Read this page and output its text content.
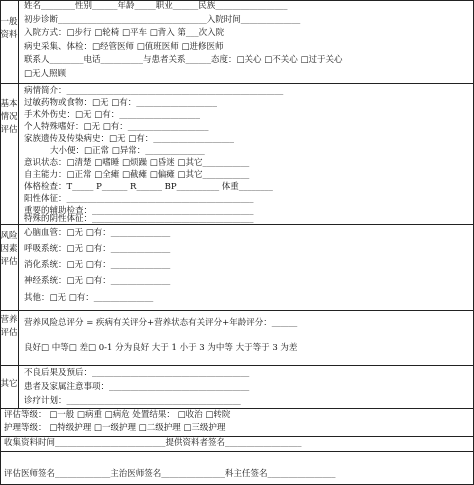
一般资料
基本情况评估
风险因素评估
营养评估
其它
姓名________性别______年龄_____职业______民族_________________
初步诊断___________________________________入院时间______________
入院方式：□步行 □轮椅 □平车 □背入 第___次入院
病史采集、体检：□经管医师 □值班医师 □进修医师
联系人________电话__________与患者关系______态度：□关心 □不关心 □过于关心
□无人照顾
病情简介：___________________________________________________
过敏药物或食物：□无 □有：___________________
手术外伤史：□无 □有：___________________
个人特殊嗜好：□无 □有：___________________
家族遗传及传染病史：□无 □有：___________________
大小便：□正常 □异常：______________
意识状态：□清楚 □嗜睡 □烦躁 □昏迷 □其它___________
自主能力：□正常 □全瘫 □截瘫 □偏瘫 □其它___________
体格检查：T_____ P______ R______ BP__________ 体重________
阳性体征：____________________________________________
重要的辅助检查：______________________________________
特殊的阴性体征：______________________________________
心脑血管：□无 □有：______________
呼吸系统：□无 □有：______________
消化系统：□无 □有：______________
神经系统：□无 □有：______________
其他：□无 □有：______________
营养风险总评分 = 疾病有关评分+营养状态有关评分+年龄评分：______
良好□ 中等□ 差□ 0-1 分为良好 大于 1 小于 3 为中等 大于等于 3 为差
不良后果及预后：_____________________________________
患者及家属注意事项：_________________________________
诊疗计划：_________________________________________
评估等级： □一般 □病重 □病危 处置结果： □收治 □转院
护理等级： □特级护理 □一级护理 □二级护理 □三级护理
收集资料时间__________________________提供资料者签名__________________
评估医师签名_____________主治医师签名_______________科主任签名________________
